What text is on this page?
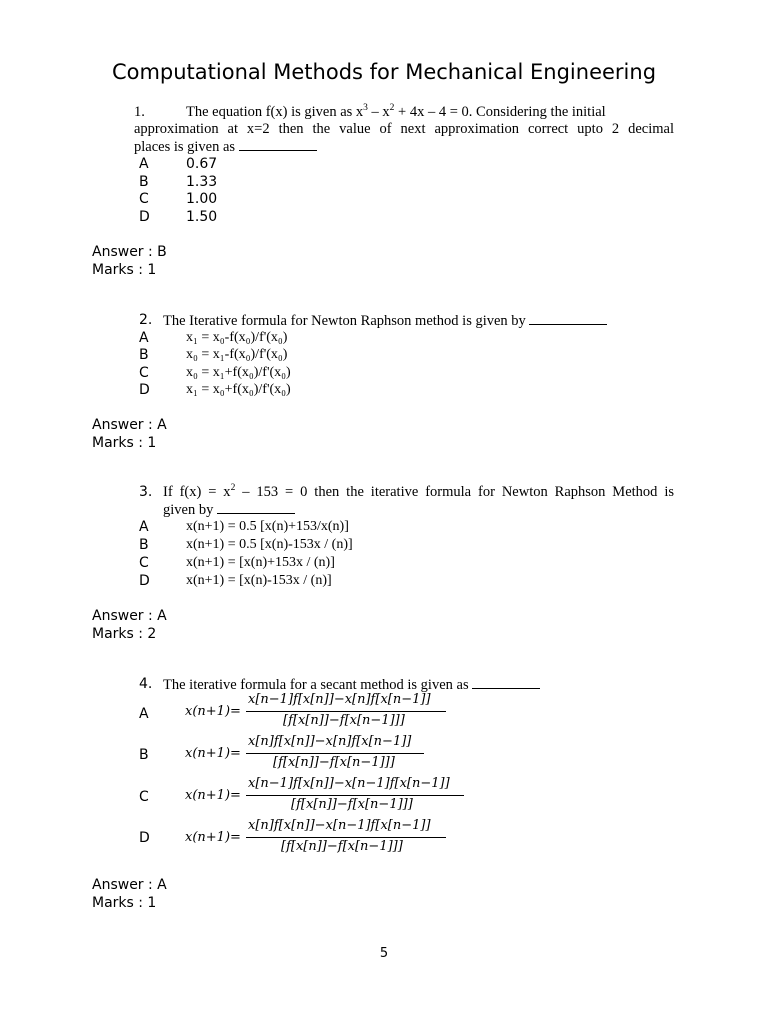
Computational Methods for Mechanical Engineering
1.	The equation f(x) is given as $x^3 - x^2 + 4x - 4 = 0$. Considering the initial
approximation at x=2 then the value of next approximation correct upto 2 decimal
places is given as
A	0.67
B	1.33
C	1.00
D	1.50
Answer : B
Marks : 1
2. The Iterative formula for Newton Raphson method is given by
A	x₁ = x₀-f(x₀)/f'(x₀)
B	x₀ = x₁-f(x₀)/f'(x₀)
C	x₀ = x₁+f(x₀)/f'(x₀)
D	x₁ = x₀+f(x₀)/f'(x₀)
Answer : A
Marks : 1
3. If $f(x) = x^2 - 153 = 0$ then the iterative formula for Newton Raphson Method is
given by
A	x(n+1) = 0.5 [x(n)+153/x(n)]
B	x(n+1) = 0.5 [x(n)-153x / (n)]
C	x(n+1) = [x(n)+153x / (n)]
D	x(n+1) = [x(n)-153x / (n)]
Answer : A
Marks : 2
4. The iterative formula for a secant method is given as
A	x(n+1)=
x[n−1]f[x[n]]−x[n]f[x[n−1]]
[f[x[n]]−f[x[n−1]]]
B	x(n+1)=
x[n]f[x[n]]−x[n]f[x[n−1]]
[f[x[n]]−f[x[n−1]]]
C	x(n+1)=
x[n−1]f[x[n]]−x[n−1]f[x[n−1]]
[f[x[n]]−f[x[n−1]]]
D	x(n+1)=
x[n]f[x[n]]−x[n−1]f[x[n−1]]
[f[x[n]]−f[x[n−1]]]
Answer : A
Marks : 1
5
